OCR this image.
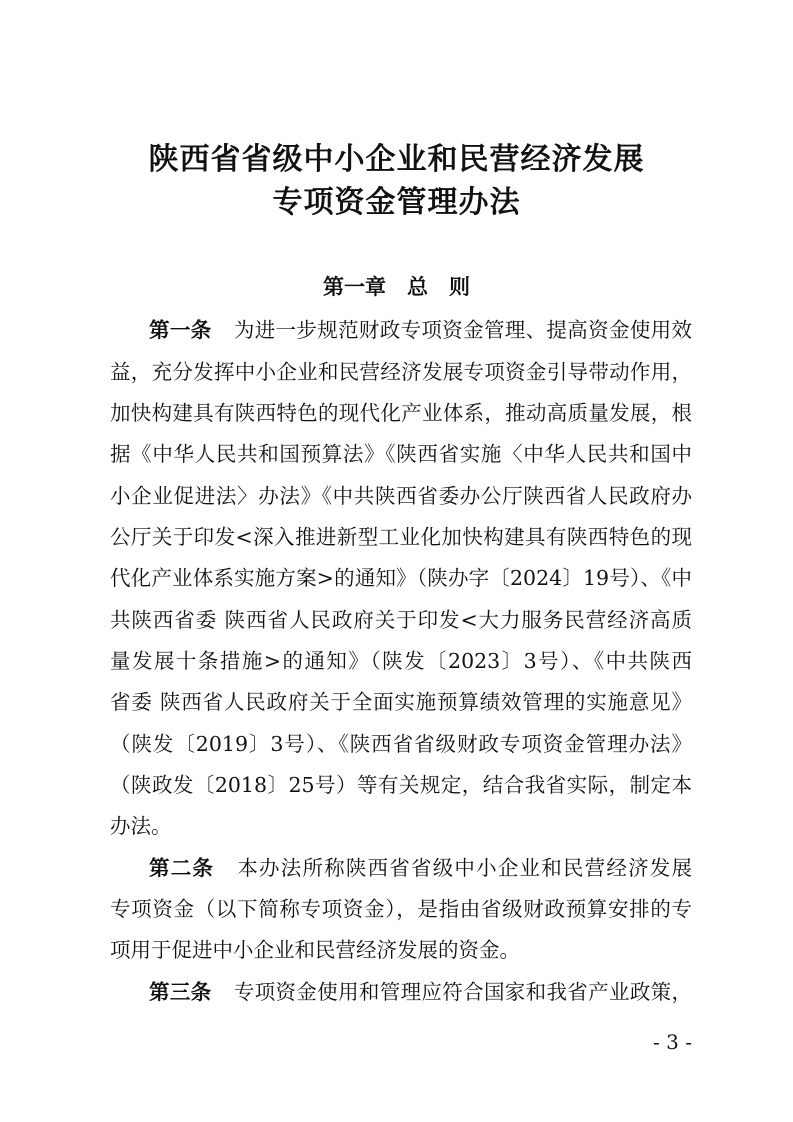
陕西省省级中小企业和民营经济发展
专项资金管理办法
第一章　总　则

第一条 为进一步规范财政专项资金管理、提高资金使用效

益，充分发挥中小企业和民营经济发展专项资金引导带动作用，

加快构建具有陕西特色的现代化产业体系，推动高质量发展，根

据《中华人民共和国预算法》《陕西省实施〈中华人民共和国中

小企业促进法〉办法》《中共陕西省委办公厅陕西省人民政府办

公厅关于印发<深入推进新型工业化加快构建具有陕西特色的现

代化产业体系实施方案>的通知》（陕办字〔2024〕19号）、《中

共陕西省委 陕西省人民政府关于印发<大力服务民营经济高质

量发展十条措施>的通知》（陕发〔2023〕3号）、《中共陕西

省委 陕西省人民政府关于全面实施预算绩效管理的实施意见》

（陕发〔2019〕3号）、《陕西省省级财政专项资金管理办法》

（陕政发〔2018〕25号）等有关规定，结合我省实际，制定本

办法。

第二条 本办法所称陕西省省级中小企业和民营经济发展

专项资金（以下简称专项资金），是指由省级财政预算安排的专

项用于促进中小企业和民营经济发展的资金。

第三条 专项资金使用和管理应符合国家和我省产业政策，

- 3 -
